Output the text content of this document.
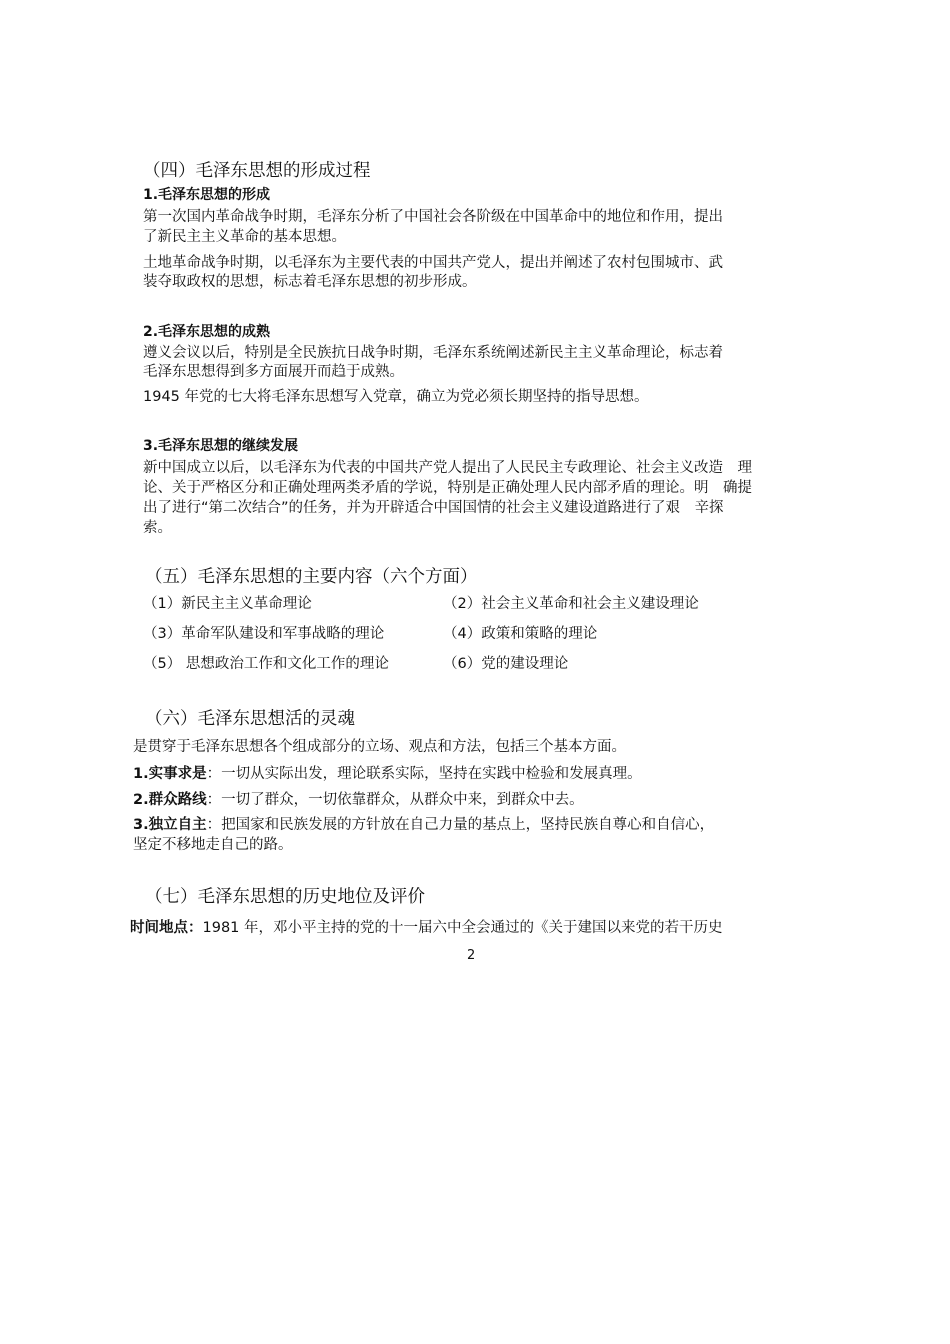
（四）毛泽东思想的形成过程
1.毛泽东思想的形成
第一次国内革命战争时期，毛泽东分析了中国社会各阶级在中国革命中的地位和作用，提出
了新民主主义革命的基本思想。
土地革命战争时期，以毛泽东为主要代表的中国共产党人，提出并阐述了农村包围城市、武
装夺取政权的思想，标志着毛泽东思想的初步形成。
2.毛泽东思想的成熟
遵义会议以后，特别是全民族抗日战争时期，毛泽东系统阐述新民主主义革命理论，标志着
毛泽东思想得到多方面展开而趋于成熟。
1945 年党的七大将毛泽东思想写入党章，确立为党必须长期坚持的指导思想。
3.毛泽东思想的继续发展
新中国成立以后，以毛泽东为代表的中国共产党人提出了人民民主专政理论、社会主义改造　理
论、关于严格区分和正确处理两类矛盾的学说，特别是正确处理人民内部矛盾的理论。明　确提
出了进行“第二次结合”的任务，并为开辟适合中国国情的社会主义建设道路进行了艰　辛探
索。
（五）毛泽东思想的主要内容（六个方面）
（1）新民主主义革命理论	（2）社会主义革命和社会主义建设理论
（3）革命军队建设和军事战略的理论	（4）政策和策略的理论
（5） 思想政治工作和文化工作的理论	（6）党的建设理论
（六）毛泽东思想活的灵魂
是贯穿于毛泽东思想各个组成部分的立场、观点和方法，包括三个基本方面。
1.实事求是：一切从实际出发，理论联系实际，坚持在实践中检验和发展真理。
2.群众路线：一切了群众，一切依靠群众，从群众中来，到群众中去。
3.独立自主：把国家和民族发展的方针放在自己力量的基点上，坚持民族自尊心和自信心，
坚定不移地走自己的路。
（七）毛泽东思想的历史地位及评价
时间地点：1981 年，邓小平主持的党的十一届六中全会通过的《关于建国以来党的若干历史
2
